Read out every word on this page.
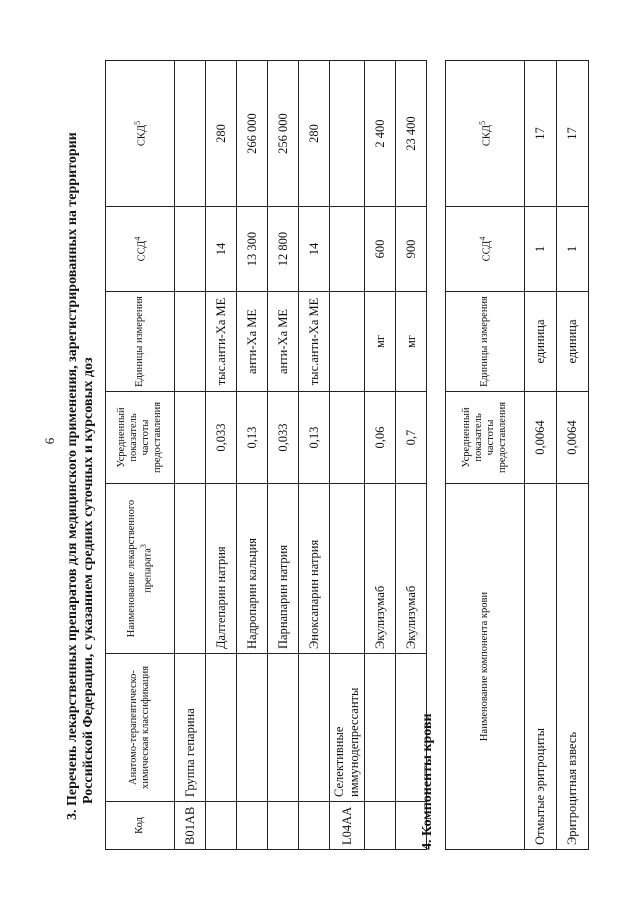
6 3. Перечень лекарственных препаратов для медицинского применения, зарегистрированных на территории Российской Федерации, с указанием средних суточных и курсовых доз
Код	Анатомо-терапевтическо-химическая классификация	Наименование лекарственного препарата$^3$	Усредненный показатель частоты предоставления	Единицы измерения	ССД$^4$	СКД$^5$
B01AB	Группа гепарина					
		Далтепарин натрия	0,033	тыс.анти-Xa МЕ	14	280
		Надропарин кальция	0,13	анти-Xa МЕ	13 300	266 000
		Парнапарин натрия	0,033	анти-Xa МЕ	12 800	256 000
		Эноксапарин натрия	0,13	тыс.анти-Xa МЕ	14	280
L04AA	Селективные иммунодепрессанты					
		Экулизумаб	0,06	мг	600	2 400
		Экулизумаб	0,7	мг	900	23 400
4. Компоненты крови
Наименование компонента крови	Усредненный показатель частоты предоставления	Единицы измерения	ССД$^4$	СКД$^5$
Отмытые эритроциты	0,0064	единица	1	17
Эритроцитная взвесь	0,0064	единица	1	17
